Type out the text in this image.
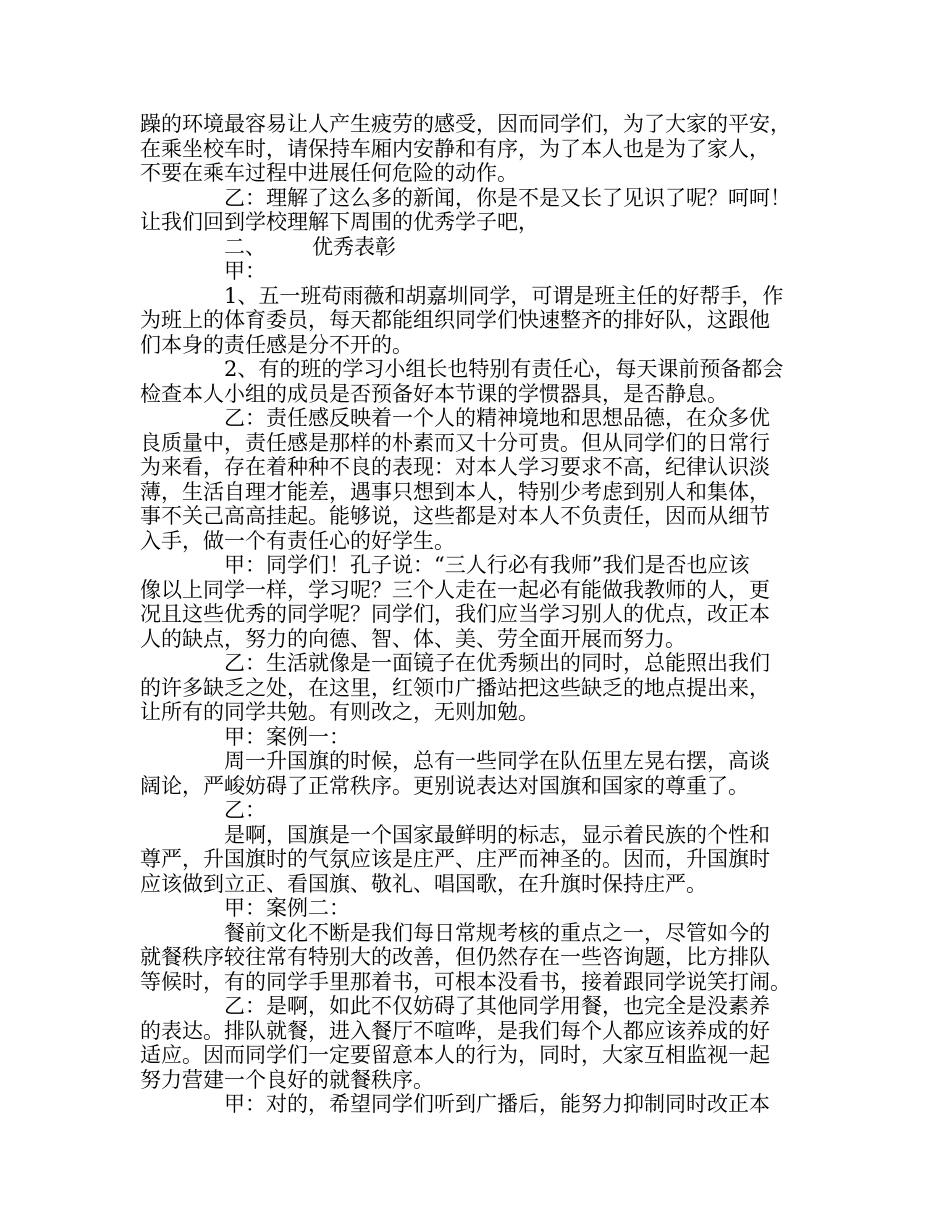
躁的环境最容易让人产生疲劳的感受，因而同学们，为了大家的平安，
在乘坐校车时，请保持车厢内安静和有序，为了本人也是为了家人，
不要在乘车过程中进展任何危险的动作。
乙：理解了这么多的新闻，你是不是又长了见识了呢？呵呵！
让我们回到学校理解下周围的优秀学子吧，
二、 优秀表彰
甲：
1、五一班苟雨薇和胡嘉圳同学，可谓是班主任的好帮手，作
为班上的体育委员，每天都能组织同学们快速整齐的排好队，这跟他
们本身的责任感是分不开的。
2、有的班的学习小组长也特别有责任心，每天课前预备都会
检查本人小组的成员是否预备好本节课的学惯器具，是否静息。
乙：责任感反映着一个人的精神境地和思想品德，在众多优
良质量中，责任感是那样的朴素而又十分可贵。但从同学们的日常行
为来看，存在着种种不良的表现：对本人学习要求不高，纪律认识淡
薄，生活自理才能差，遇事只想到本人，特别少考虑到别人和集体，
事不关己高高挂起。能够说，这些都是对本人不负责任，因而从细节
入手，做一个有责任心的好学生。
甲：同学们！孔子说：“三人行必有我师”我们是否也应该
像以上同学一样，学习呢？三个人走在一起必有能做我教师的人，更
况且这些优秀的同学呢？同学们，我们应当学习别人的优点，改正本
人的缺点，努力的向德、智、体、美、劳全面开展而努力。
乙：生活就像是一面镜子在优秀频出的同时，总能照出我们
的许多缺乏之处，在这里，红领巾广播站把这些缺乏的地点提出来，
让所有的同学共勉。有则改之，无则加勉。
甲：案例一：
周一升国旗的时候，总有一些同学在队伍里左晃右摆，高谈
阔论，严峻妨碍了正常秩序。更别说表达对国旗和国家的尊重了。
乙：
是啊，国旗是一个国家最鲜明的标志，显示着民族的个性和
尊严，升国旗时的气氛应该是庄严、庄严而神圣的。因而，升国旗时
应该做到立正、看国旗、敬礼、唱国歌，在升旗时保持庄严。
甲：案例二：
餐前文化不断是我们每日常规考核的重点之一，尽管如今的
就餐秩序较往常有特别大的改善，但仍然存在一些咨询题，比方排队
等候时，有的同学手里那着书，可根本没看书，接着跟同学说笑打闹。
乙：是啊，如此不仅妨碍了其他同学用餐，也完全是没素养
的表达。排队就餐，进入餐厅不喧哗，是我们每个人都应该养成的好
适应。因而同学们一定要留意本人的行为，同时，大家互相监视一起
努力营建一个良好的就餐秩序。
甲：对的，希望同学们听到广播后，能努力抑制同时改正本
